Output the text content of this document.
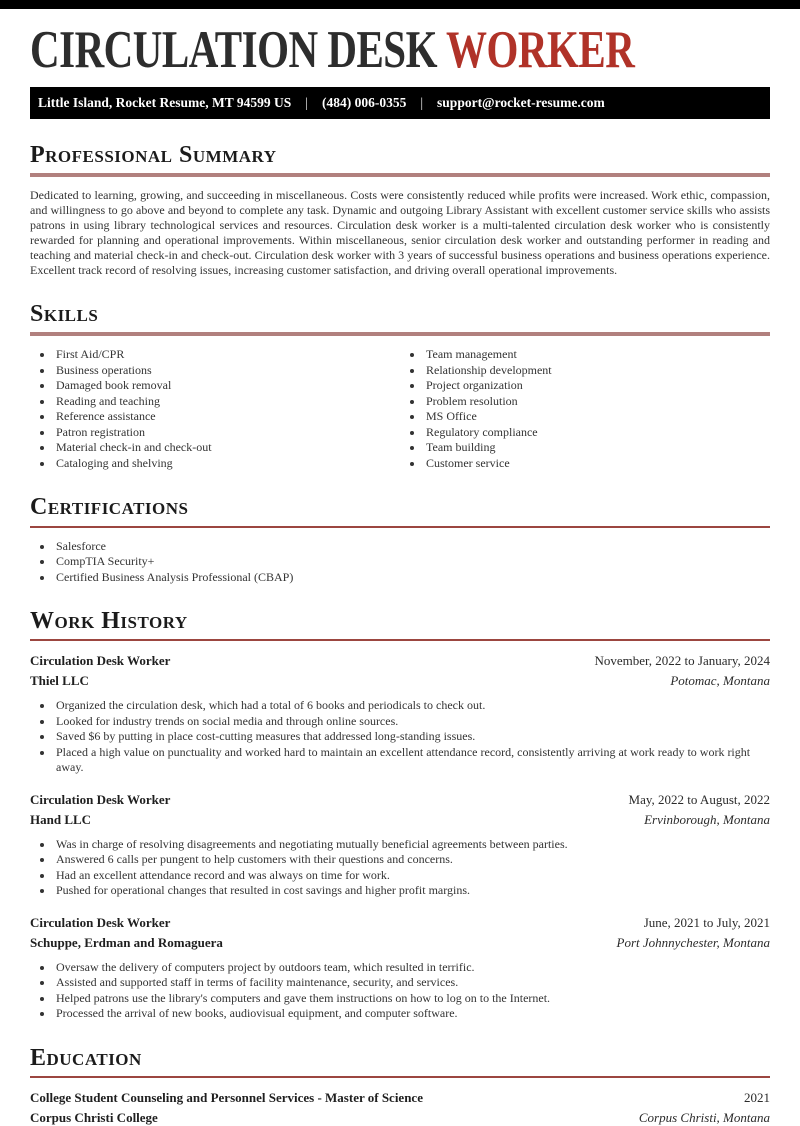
CIRCULATION DESK WORKER
Little Island, Rocket Resume, MT 94599 US | (484) 006-0355 | support@rocket-resume.com
Professional Summary

Dedicated to learning, growing, and succeeding in miscellaneous. Costs were consistently reduced while profits were increased. Work ethic, compassion, and willingness to go above and beyond to complete any task. Dynamic and outgoing Library Assistant with excellent customer service skills who assists patrons in using library technological services and resources. Circulation desk worker is a multi-talented circulation desk worker who is consistently rewarded for planning and operational improvements. Within miscellaneous, senior circulation desk worker and outstanding performer in reading and teaching and material check-in and check-out. Circulation desk worker with 3 years of successful business operations and business operations experience. Excellent track record of resolving issues, increasing customer satisfaction, and driving overall operational improvements.

Skills
• First Aid/CPR
• Business operations
• Damaged book removal
• Reading and teaching
• Reference assistance
• Patron registration
• Material check-in and check-out
• Cataloging and shelving
• Team management
• Relationship development
• Project organization
• Problem resolution
• MS Office
• Regulatory compliance
• Team building
• Customer service
Certifications
• Salesforce
• CompTIA Security+
• Certified Business Analysis Professional (CBAP)
Work History
Circulation Desk Worker	November, 2022 to January, 2024
Thiel LLC	Potomac, Montana
• Organized the circulation desk, which had a total of 6 books and periodicals to check out.
• Looked for industry trends on social media and through online sources.
• Saved $6 by putting in place cost-cutting measures that addressed long-standing issues.
• Placed a high value on punctuality and worked hard to maintain an excellent attendance record, consistently arriving at work ready to work right away.
Circulation Desk Worker	May, 2022 to August, 2022
Hand LLC	Ervinborough, Montana
• Was in charge of resolving disagreements and negotiating mutually beneficial agreements between parties.
• Answered 6 calls per pungent to help customers with their questions and concerns.
• Had an excellent attendance record and was always on time for work.
• Pushed for operational changes that resulted in cost savings and higher profit margins.
Circulation Desk Worker	June, 2021 to July, 2021
Schuppe, Erdman and Romaguera	Port Johnnychester, Montana
• Oversaw the delivery of computers project by outdoors team, which resulted in terrific.
• Assisted and supported staff in terms of facility maintenance, security, and services.
• Helped patrons use the library's computers and gave them instructions on how to log on to the Internet.
• Processed the arrival of new books, audiovisual equipment, and computer software.
Education
College Student Counseling and Personnel Services - Master of Science	2021
Corpus Christi College	Corpus Christi, Montana
